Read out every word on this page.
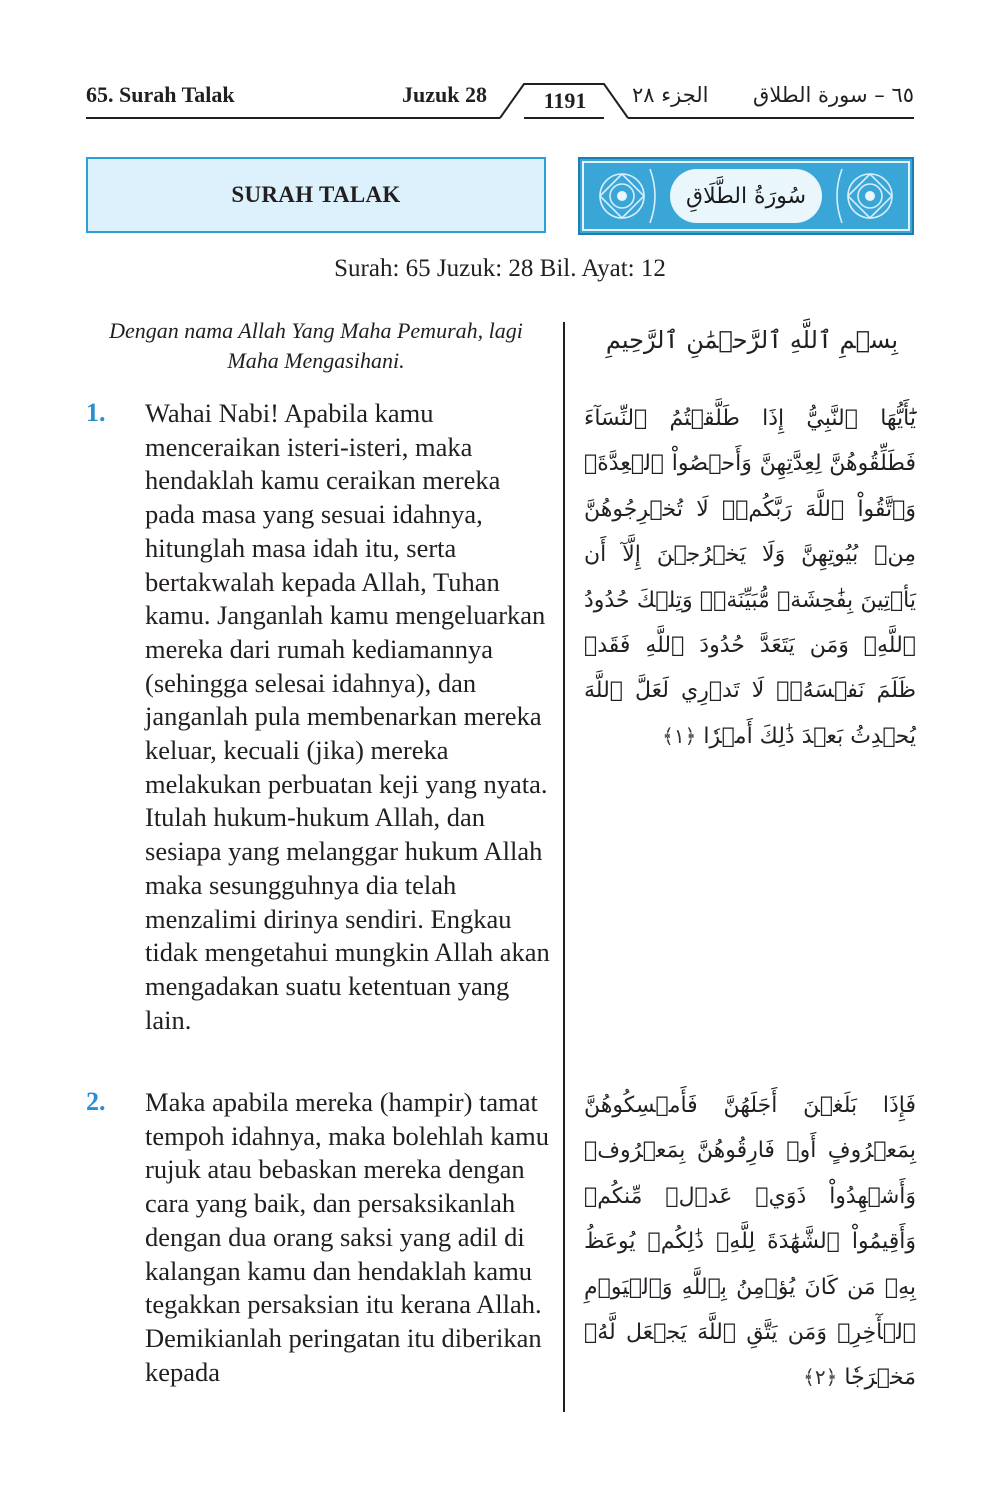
65. Surah Talak	Juzuk 28	1191	الجزء ٢٨ ٦٥ – سورة الطلاق
SURAH TALAK	سُورَةُ الطَّلَاقِ
Surah: 65 Juzuk: 28 Bil. Ayat: 12
Dengan nama Allah Yang Maha Pemurah, lagi Maha Mengasihani.
بِسۡمِ ٱللَّهِ ٱلرَّحۡمَٰنِ ٱلرَّحِيمِ
1. Wahai Nabi! Apabila kamu menceraikan isteri-isteri, maka hendaklah kamu ceraikan mereka pada masa yang sesuai idahnya, hitunglah masa idah itu, serta bertakwalah kepada Allah, Tuhan kamu. Janganlah kamu mengeluarkan mereka dari rumah kediamannya (sehingga selesai idahnya), dan janganlah pula membenarkan mereka keluar, kecuali (jika) mereka melakukan perbuatan keji yang nyata. Itulah hukum-hukum Allah, dan sesiapa yang melanggar hukum Allah maka sesungguhnya dia telah menzalimi dirinya sendiri. Engkau tidak mengetahui mungkin Allah akan mengadakan suatu ketentuan yang lain.
يَٰٓأَيُّهَا ٱلنَّبِيُّ إِذَا طَلَّقۡتُمُ ٱلنِّسَآءَ فَطَلِّقُوهُنَّ لِعِدَّتِهِنَّ وَأَحۡصُواْ ٱلۡعِدَّةَۖ وَٱتَّقُواْ ٱللَّهَ رَبَّكُمۡۖ لَا تُخۡرِجُوهُنَّ مِنۢ بُيُوتِهِنَّ وَلَا يَخۡرُجۡنَ إِلَّآ أَن يَأۡتِينَ بِفَٰحِشَةٖ مُّبَيِّنَةٖۚ وَتِلۡكَ حُدُودُ ٱللَّهِۚ وَمَن يَتَعَدَّ حُدُودَ ٱللَّهِ فَقَدۡ ظَلَمَ نَفۡسَهُۥۚ لَا تَدۡرِي لَعَلَّ ٱللَّهَ يُحۡدِثُ بَعۡدَ ذَٰلِكَ أَمۡرٗا ﴿١﴾
2. Maka apabila mereka (hampir) tamat tempoh idahnya, maka bolehlah kamu rujuk atau bebaskan mereka dengan cara yang baik, dan persaksikanlah dengan dua orang saksi yang adil di kalangan kamu dan hendaklah kamu tegakkan persaksian itu kerana Allah. Demikianlah peringatan itu diberikan kepada
فَإِذَا بَلَغۡنَ أَجَلَهُنَّ فَأَمۡسِكُوهُنَّ بِمَعۡرُوفٍ أَوۡ فَارِقُوهُنَّ بِمَعۡرُوفٖ وَأَشۡهِدُواْ ذَوَيۡ عَدۡلٖ مِّنكُمۡ وَأَقِيمُواْ ٱلشَّهَٰدَةَ لِلَّهِۚ ذَٰلِكُمۡ يُوعَظُ بِهِۦ مَن كَانَ يُؤۡمِنُ بِٱللَّهِ وَٱلۡيَوۡمِ ٱلۡأٓخِرِۚ وَمَن يَتَّقِ ٱللَّهَ يَجۡعَل لَّهُۥ مَخۡرَجٗا ﴿٢﴾
